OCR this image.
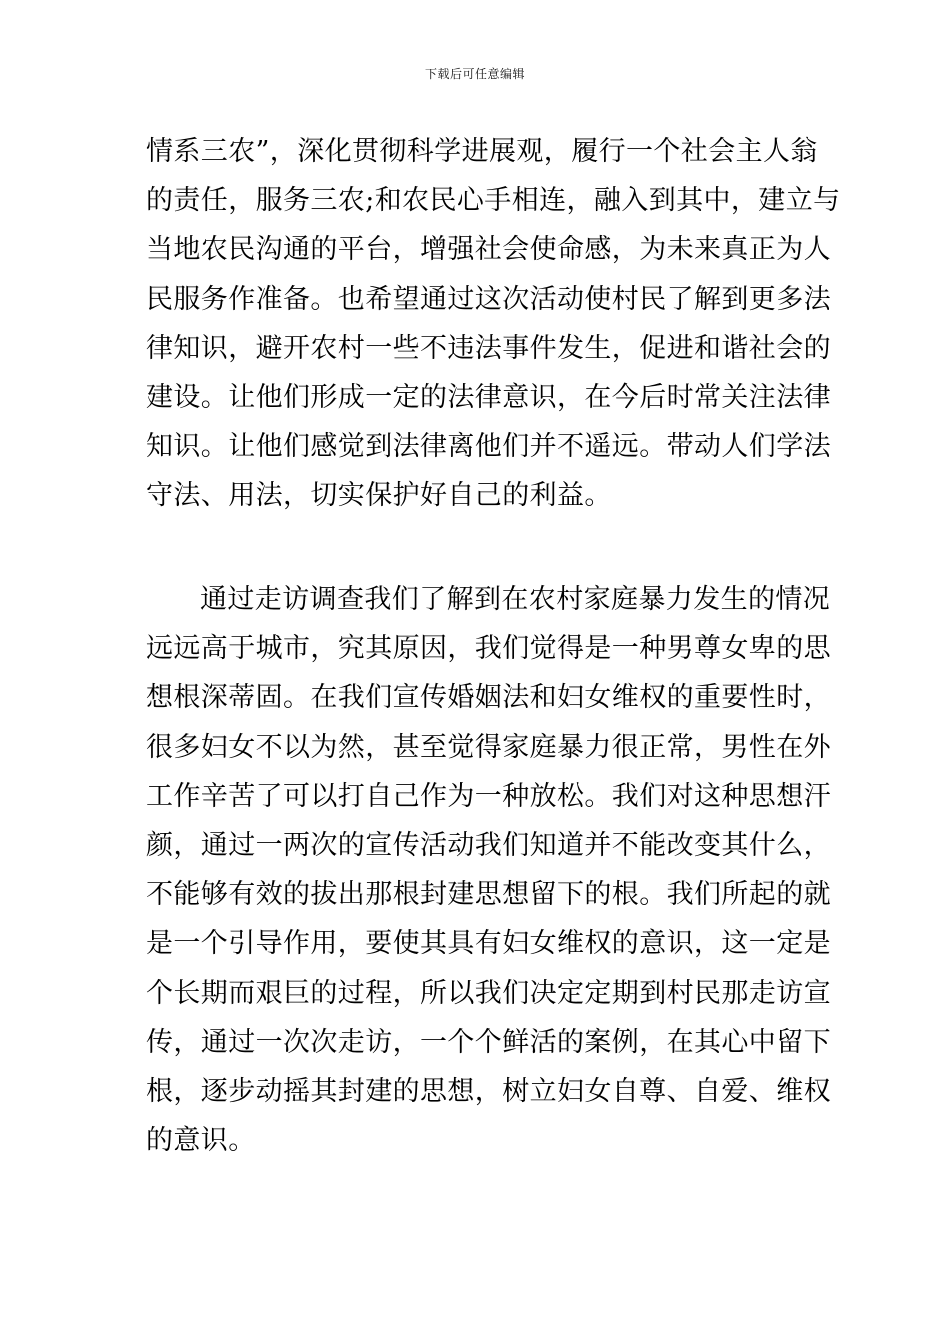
下载后可任意编辑
情系三农”，深化贯彻科学进展观，履行一个社会主人翁
的责任，服务三农;和农民心手相连，融入到其中，建立与
当地农民沟通的平台，增强社会使命感，为未来真正为人
民服务作准备。也希望通过这次活动使村民了解到更多法
律知识，避开农村一些不违法事件发生，促进和谐社会的
建设。让他们形成一定的法律意识，在今后时常关注法律
知识。让他们感觉到法律离他们并不遥远。带动人们学法
守法、用法，切实保护好自己的利益。
通过走访调查我们了解到在农村家庭暴力发生的情况
远远高于城市，究其原因，我们觉得是一种男尊女卑的思
想根深蒂固。在我们宣传婚姻法和妇女维权的重要性时，
很多妇女不以为然，甚至觉得家庭暴力很正常，男性在外
工作辛苦了可以打自己作为一种放松。我们对这种思想汗
颜，通过一两次的宣传活动我们知道并不能改变其什么，
不能够有效的拔出那根封建思想留下的根。我们所起的就
是一个引导作用，要使其具有妇女维权的意识，这一定是
个长期而艰巨的过程，所以我们决定定期到村民那走访宣
传，通过一次次走访，一个个鲜活的案例，在其心中留下
根，逐步动摇其封建的思想，树立妇女自尊、自爱、维权
的意识。
